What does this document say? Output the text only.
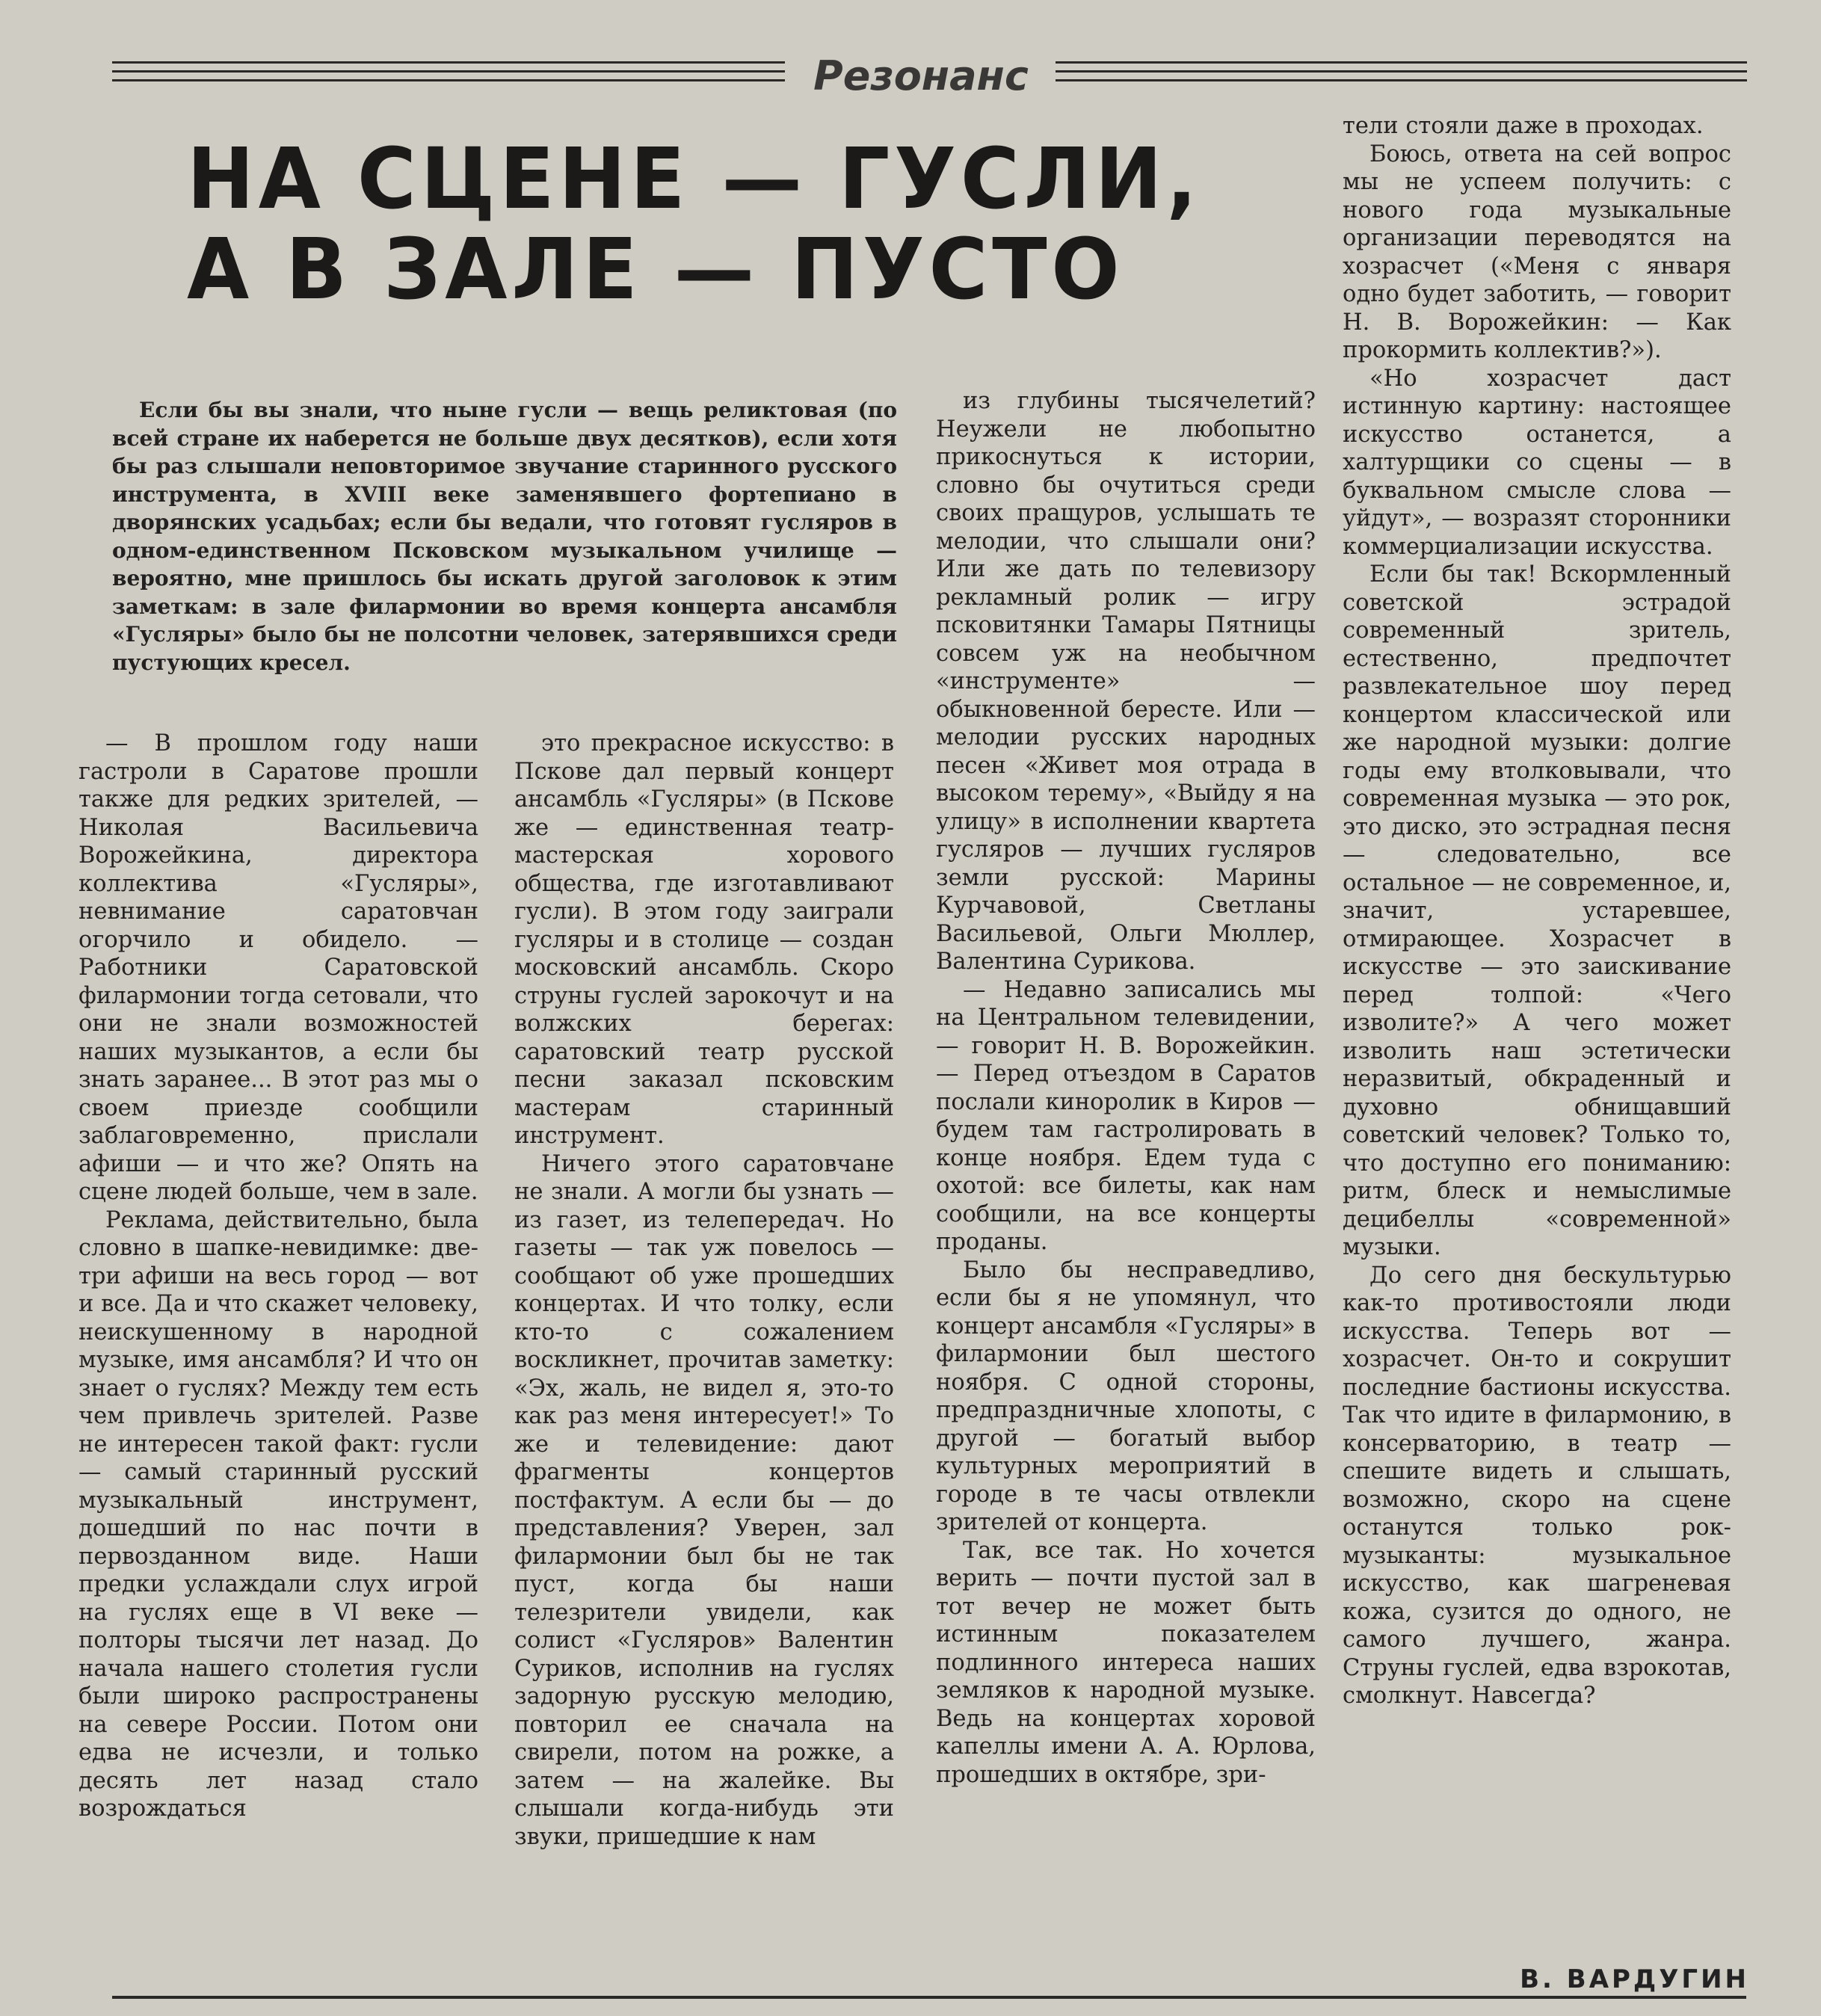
Резонанс
НА СЦЕНЕ — ГУСЛИ,
А В ЗАЛЕ — ПУСТО
Если бы вы знали, что ныне гусли — вещь реликтовая (по всей стране их наберется не больше двух десятков), если хотя бы раз слышали неповторимое звучание старинного русского инструмента, в XVIII веке заменявшего фортепиано в дворянских усадьбах; если бы ведали, что готовят гусляров в одном-единственном Псковском музыкальном училище — вероятно, мне пришлось бы искать другой заголовок к этим заметкам: в зале филармонии во время концерта ансамбля «Гусляры» было бы не полсотни человек, затерявшихся среди пустующих кресел.

— В прошлом году наши гастроли в Саратове прошли также для редких зрителей, — Николая Васильевича Ворожейкина, директора коллектива «Гусляры», невнимание саратовчан огорчило и обидело. — Работники Саратовской филармонии тогда сетовали, что они не знали возможностей наших музыкантов, а если бы знать заранее... В этот раз мы о своем приезде сообщили заблаговременно, прислали афиши — и что же? Опять на сцене людей больше, чем в зале.

Реклама, действительно, была словно в шапке-невидимке: две-три афиши на весь город — вот и все. Да и что скажет человеку, неискушенному в народной музыке, имя ансамбля? И что он знает о гуслях? Между тем есть чем привлечь зрителей. Разве не интересен такой факт: гусли — самый старинный русский музыкальный инструмент, дошедший по нас почти в первозданном виде. Наши предки услаждали слух игрой на гуслях еще в VI веке — полторы тысячи лет назад. До начала нашего столетия гусли были широко распространены на севере России. Потом они едва не исчезли, и только десять лет назад стало возрождаться

это прекрасное искусство: в Пскове дал первый концерт ансамбль «Гусляры» (в Пскове же — единственная театр-мастерская хорового общества, где изготавливают гусли). В этом году заиграли гусляры и в столице — создан московский ансамбль. Скоро струны гуслей зарокочут и на волжских берегах: саратовский театр русской песни заказал псковским мастерам старинный инструмент.

Ничего этого саратовчане не знали. А могли бы узнать — из газет, из телепередач. Но газеты — так уж повелось — сообщают об уже прошедших концертах. И что толку, если кто-то с сожалением воскликнет, прочитав заметку: «Эх, жаль, не видел я, это-то как раз меня интересует!» То же и телевидение: дают фрагменты концертов постфактум. А если бы — до представления? Уверен, зал филармонии был бы не так пуст, когда бы наши телезрители увидели, как солист «Гусляров» Валентин Суриков, исполнив на гуслях задорную русскую мелодию, повторил ее сначала на свирели, потом на рожке, а затем — на жалейке. Вы слышали когда-нибудь эти звуки, пришедшие к нам

из глубины тысячелетий? Неужели не любопытно прикоснуться к истории, словно бы очутиться среди своих пращуров, услышать те мелодии, что слышали они? Или же дать по телевизору рекламный ролик — игру псковитянки Тамары Пятницы совсем уж на необычном «инструменте» — обыкновенной бересте. Или — мелодии русских народных песен «Живет моя отрада в высоком терему», «Выйду я на улицу» в исполнении квартета гусляров — лучших гусляров земли русской: Марины Курчавовой, Светланы Васильевой, Ольги Мюллер, Валентина Сурикова.

— Недавно записались мы на Центральном телевидении, — говорит Н. В. Ворожейкин. — Перед отъездом в Саратов послали киноролик в Киров — будем там гастролировать в конце ноября. Едем туда с охотой: все билеты, как нам сообщили, на все концерты проданы.

Было бы несправедливо, если бы я не упомянул, что концерт ансамбля «Гусляры» в филармонии был шестого ноября. С одной стороны, предпраздничные хлопоты, с другой — богатый выбор культурных мероприятий в городе в те часы отвлекли зрителей от концерта.

Так, все так. Но хочется верить — почти пустой зал в тот вечер не может быть истинным показателем подлинного интереса наших земляков к народной музыке. Ведь на концертах хоровой капеллы имени А. А. Юрлова, прошедших в октябре, зри-

тели стояли даже в проходах.

Боюсь, ответа на сей вопрос мы не успеем получить: с нового года музыкальные организации переводятся на хозрасчет («Меня с января одно будет заботить, — говорит Н. В. Ворожейкин: — Как прокормить коллектив?»).

«Но хозрасчет даст истинную картину: настоящее искусство останется, а халтурщики со сцены — в буквальном смысле слова — уйдут», — возразят сторонники коммерциализации искусства.

Если бы так! Вскормленный советской эстрадой современный зритель, естественно, предпочтет развлекательное шоу перед концертом классической или же народной музыки: долгие годы ему втолковывали, что современная музыка — это рок, это диско, это эстрадная песня — следовательно, все остальное — не современное, и, значит, устаревшее, отмирающее. Хозрасчет в искусстве — это заискивание перед толпой: «Чего изволите?» А чего может изволить наш эстетически неразвитый, обкраденный и духовно обнищавший советский человек? Только то, что доступно его пониманию: ритм, блеск и немыслимые децибеллы «современной» музыки.

До сего дня бескультурью как-то противостояли люди искусства. Теперь вот — хозрасчет. Он-то и сокрушит последние бастионы искусства. Так что идите в филармонию, в консерваторию, в театр — спешите видеть и слышать, возможно, скоро на сцене останутся только рок-музыканты: музыкальное искусство, как шагреневая кожа, сузится до одного, не самого лучшего, жанра. Струны гуслей, едва взрокотав, смолкнут. Навсегда?

В. ВАРДУГИН
